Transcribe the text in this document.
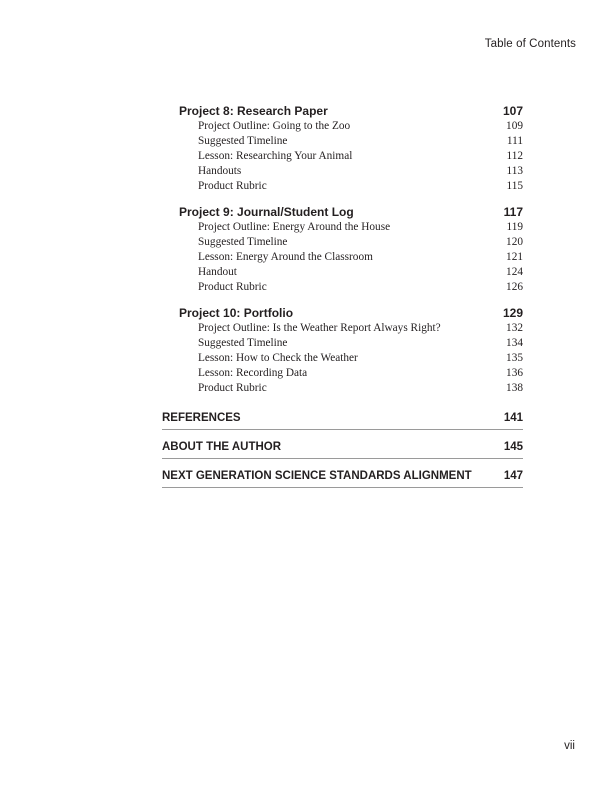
Table of Contents
Project 8: Research Paper	107
Project Outline: Going to the Zoo	109
Suggested Timeline	111
Lesson: Researching Your Animal	112
Handouts	113
Product Rubric	115
Project 9: Journal/Student Log	117
Project Outline: Energy Around the House	119
Suggested Timeline	120
Lesson: Energy Around the Classroom	121
Handout	124
Product Rubric	126
Project 10: Portfolio	129
Project Outline: Is the Weather Report Always Right?	132
Suggested Timeline	134
Lesson: How to Check the Weather	135
Lesson: Recording Data	136
Product Rubric	138
REFERENCES	141
ABOUT THE AUTHOR	145
NEXT GENERATION SCIENCE STANDARDS ALIGNMENT	147
vii
